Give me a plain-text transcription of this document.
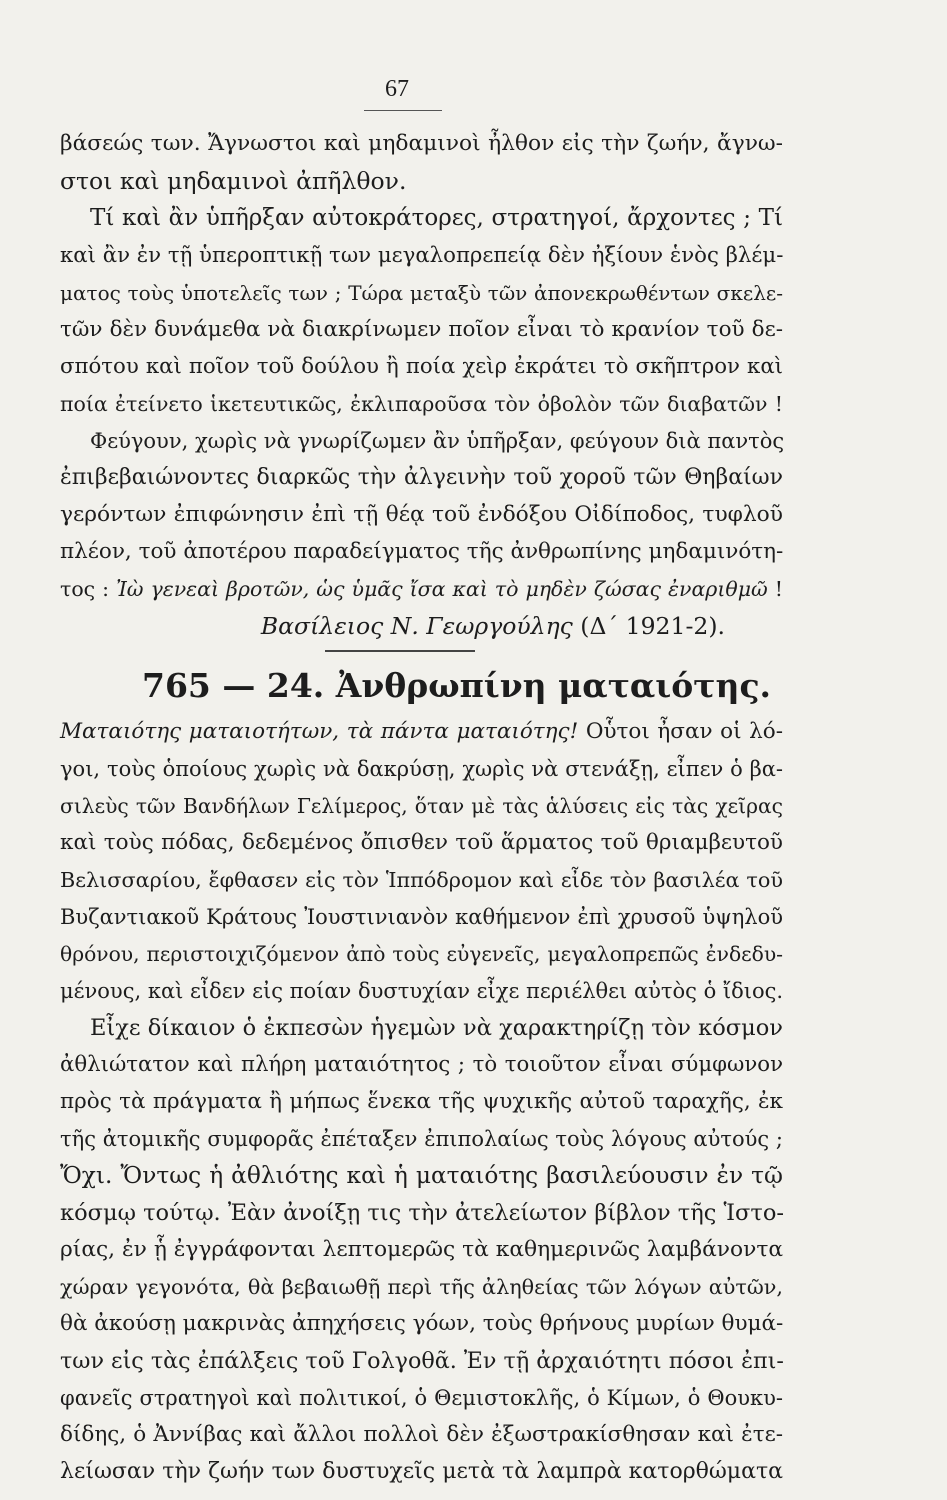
67
βάσεώς των. Ἄγνωστοι καὶ μηδαμινοὶ ἦλθον εἰς τὴν ζωήν, ἄγνω-
στοι καὶ μηδαμινοὶ ἀπῆλθον.
Τί καὶ ἂν ὑπῆρξαν αὐτοκράτορες, στρατηγοί, ἄρχοντες ; Τί
καὶ ἂν ἐν τῇ ὑπεροπτικῇ των μεγαλοπρεπείᾳ δὲν ἠξίουν ἑνὸς βλέμ-
ματος τοὺς ὑποτελεῖς των ; Τώρα μεταξὺ τῶν ἀπονεκρωθέντων σκελε-
τῶν δὲν δυνάμεθα νὰ διακρίνωμεν ποῖον εἶναι τὸ κρανίον τοῦ δε-
σπότου καὶ ποῖον τοῦ δούλου ἢ ποία χεὶρ ἐκράτει τὸ σκῆπτρον καὶ
ποία ἐτείνετο ἱκετευτικῶς, ἐκλιπαροῦσα τὸν ὀβολὸν τῶν διαβατῶν !
Φεύγουν, χωρὶς νὰ γνωρίζωμεν ἂν ὑπῆρξαν, φεύγουν διὰ παντὸς
ἐπιβεβαιώνοντες διαρκῶς τὴν ἀλγεινὴν τοῦ χοροῦ τῶν Θηβαίων
γερόντων ἐπιφώνησιν ἐπὶ τῇ θέᾳ τοῦ ἐνδόξου Οἰδίποδος, τυφλοῦ
πλέον, τοῦ ἀποτέρου παραδείγματος τῆς ἀνθρωπίνης μηδαμινότη-
τος : Ἰὼ γενεαὶ βροτῶν, ὡς ὑμᾶς ἴσα καὶ τὸ μηδὲν ζώσας ἐναριθμῶ !
Βασίλειος Ν. Γεωργούλης (Δ΄ 1921-2).
765 — 24. Ἀνθρωπίνη ματαιότης.
Ματαιότης ματαιοτήτων, τὰ πάντα ματαιότης! Οὗτοι ἦσαν οἱ λό-
γοι, τοὺς ὁποίους χωρὶς νὰ δακρύσῃ, χωρὶς νὰ στενάξῃ, εἶπεν ὁ βα-
σιλεὺς τῶν Βανδήλων Γελίμερος, ὅταν μὲ τὰς ἁλύσεις εἰς τὰς χεῖρας
καὶ τοὺς πόδας, δεδεμένος ὄπισθεν τοῦ ἅρματος τοῦ θριαμβευτοῦ
Βελισσαρίου, ἔφθασεν εἰς τὸν Ἱππόδρομον καὶ εἶδε τὸν βασιλέα τοῦ
Βυζαντιακοῦ Κράτους Ἰουστινιανὸν καθήμενον ἐπὶ χρυσοῦ ὑψηλοῦ
θρόνου, περιστοιχιζόμενον ἀπὸ τοὺς εὐγενεῖς, μεγαλοπρεπῶς ἐνδεδυ-
μένους, καὶ εἶδεν εἰς ποίαν δυστυχίαν εἶχε περιέλθει αὐτὸς ὁ ἴδιος.
Εἶχε δίκαιον ὁ ἐκπεσὼν ἡγεμὼν νὰ χαρακτηρίζῃ τὸν κόσμον
ἀθλιώτατον καὶ πλήρη ματαιότητος ; τὸ τοιοῦτον εἶναι σύμφωνον
πρὸς τὰ πράγματα ἢ μήπως ἕνεκα τῆς ψυχικῆς αὐτοῦ ταραχῆς, ἐκ
τῆς ἀτομικῆς συμφορᾶς ἐπέταξεν ἐπιπολαίως τοὺς λόγους αὐτούς ;
Ὄχι. Ὄντως ἡ ἀθλιότης καὶ ἡ ματαιότης βασιλεύουσιν ἐν τῷ
κόσμῳ τούτῳ. Ἐὰν ἀνοίξῃ τις τὴν ἀτελείωτον βίβλον τῆς Ἱστο-
ρίας, ἐν ᾗ ἐγγράφονται λεπτομερῶς τὰ καθημερινῶς λαμβάνοντα
χώραν γεγονότα, θὰ βεβαιωθῇ περὶ τῆς ἀληθείας τῶν λόγων αὐτῶν,
θὰ ἀκούσῃ μακρινὰς ἀπηχήσεις γόων, τοὺς θρήνους μυρίων θυμά-
των εἰς τὰς ἐπάλξεις τοῦ Γολγοθᾶ. Ἐν τῇ ἀρχαιότητι πόσοι ἐπι-
φανεῖς στρατηγοὶ καὶ πολιτικοί, ὁ Θεμιστοκλῆς, ὁ Κίμων, ὁ Θουκυ-
δίδης, ὁ Ἀννίβας καὶ ἄλλοι πολλοὶ δὲν ἐξωστρακίσθησαν καὶ ἐτε-
λείωσαν τὴν ζωήν των δυστυχεῖς μετὰ τὰ λαμπρὰ κατορθώματα
